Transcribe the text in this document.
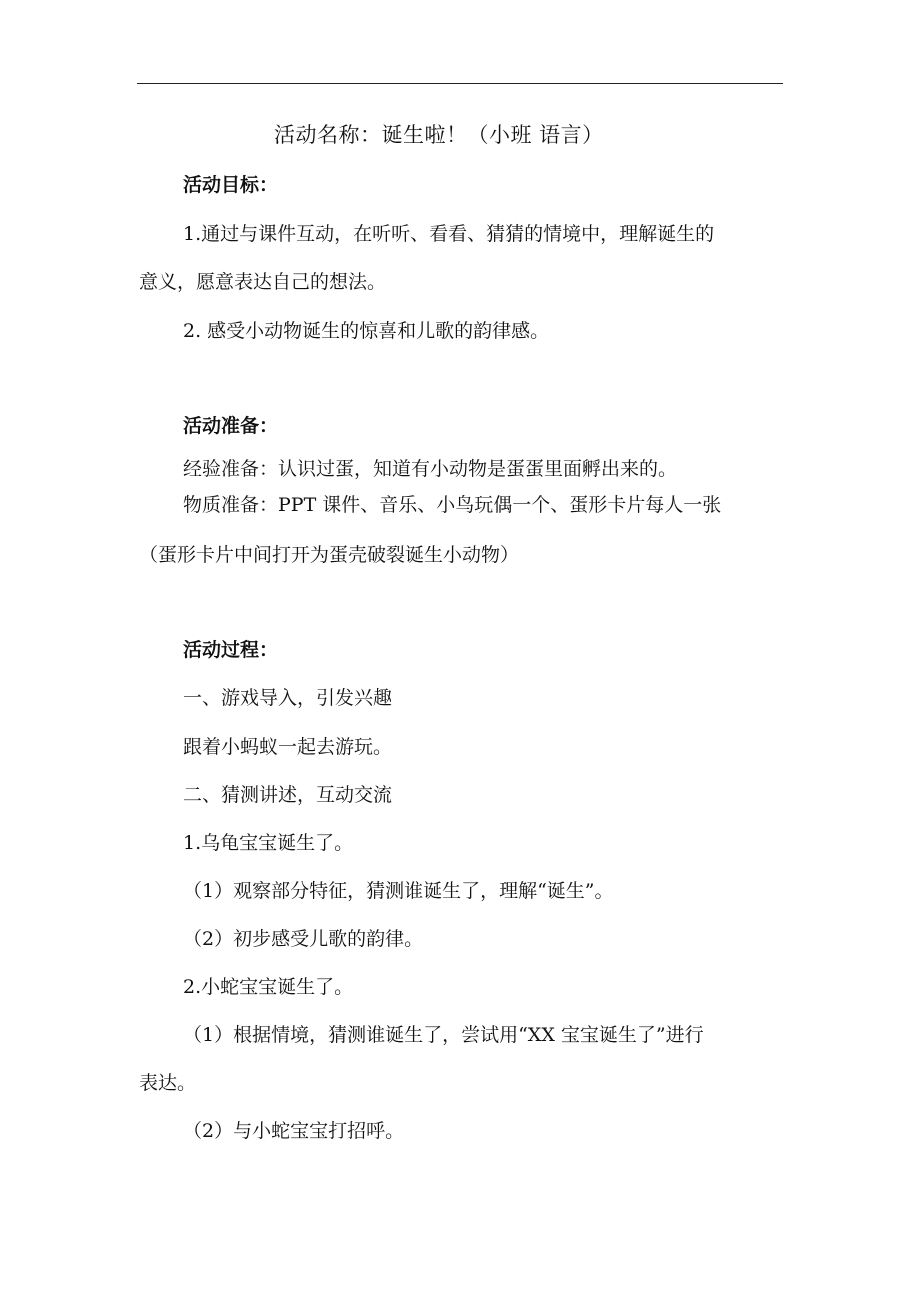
活动名称：诞生啦！（小班 语言）
活动目标：
1.通过与课件互动，在听听、看看、猜猜的情境中，理解诞生的
意义，愿意表达自己的想法。
2. 感受小动物诞生的惊喜和儿歌的韵律感。
活动准备：
经验准备：认识过蛋，知道有小动物是蛋蛋里面孵出来的。
物质准备：PPT 课件、音乐、小鸟玩偶一个、蛋形卡片每人一张
（蛋形卡片中间打开为蛋壳破裂诞生小动物）
活动过程：
一、游戏导入，引发兴趣
跟着小蚂蚁一起去游玩。
二、猜测讲述，互动交流
1.乌龟宝宝诞生了。
（1）观察部分特征，猜测谁诞生了，理解“诞生”。
（2）初步感受儿歌的韵律。
2.小蛇宝宝诞生了。
（1）根据情境，猜测谁诞生了，尝试用“XX 宝宝诞生了”进行
表达。
（2）与小蛇宝宝打招呼。
